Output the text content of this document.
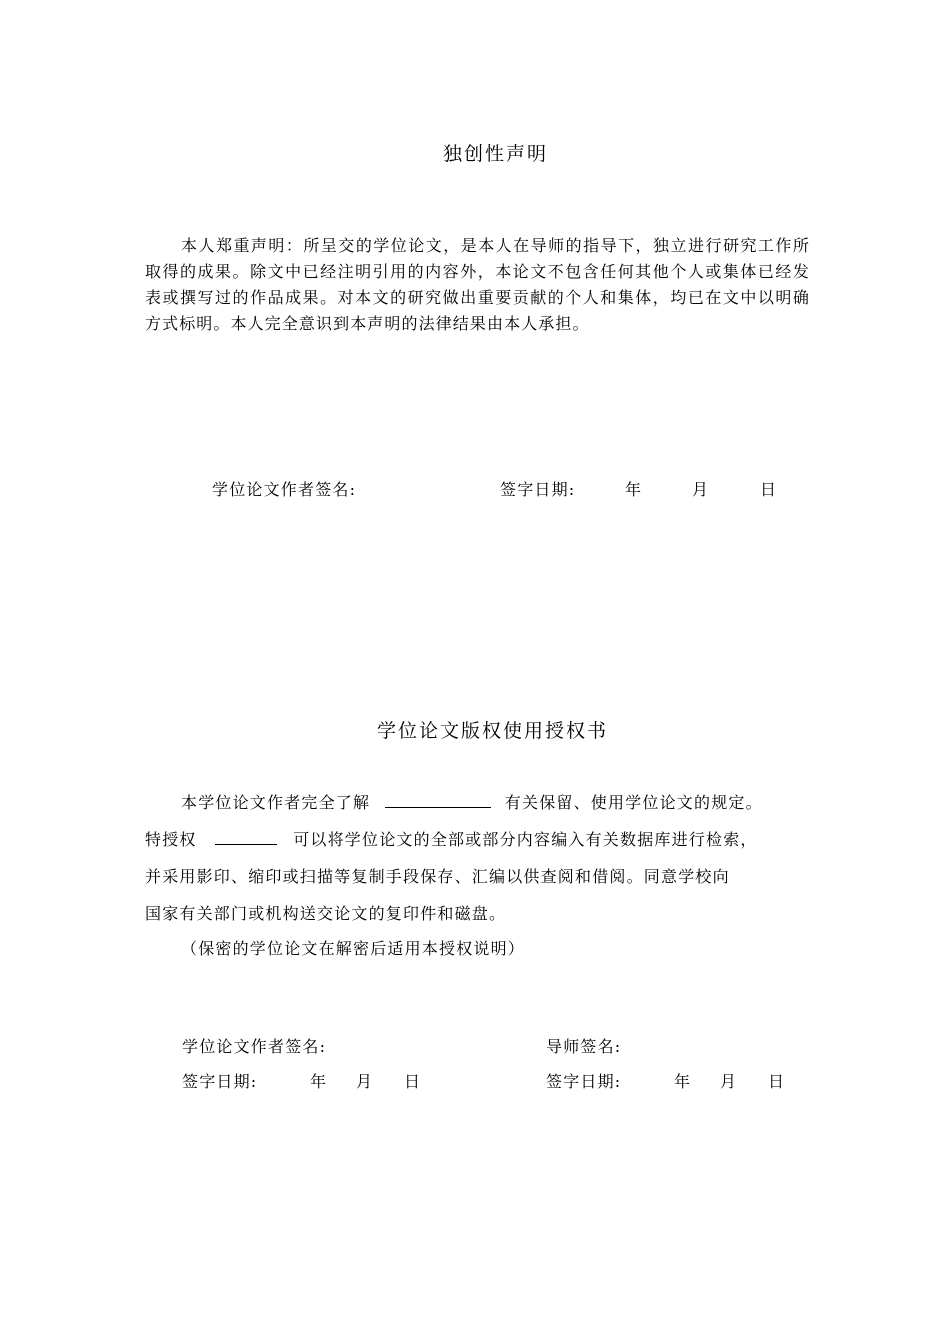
独创性声明
本人郑重声明：所呈交的学位论文，是本人在导师的指导下，独立进行研究工作所取得的成果。除文中已经注明引用的内容外，本论文不包含任何其他个人或集体已经发表或撰写过的作品成果。对本文的研究做出重要贡献的个人和集体，均已在文中以明确方式标明。本人完全意识到本声明的法律结果由本人承担。
学位论文作者签名:	签字日期:	年	月	日
学位论文版权使用授权书
本学位论文作者完全了解	有关保留、使用学位论文的规定。
特授权	可以将学位论文的全部或部分内容编入有关数据库进行检索，
并采用影印、缩印或扫描等复制手段保存、汇编以供查阅和借阅。同意学校向
国家有关部门或机构送交论文的复印件和磁盘。
（保密的学位论文在解密后适用本授权说明）
学位论文作者签名:	导师签名:
签字日期:	年 月 日	签字日期:	年 月 日
